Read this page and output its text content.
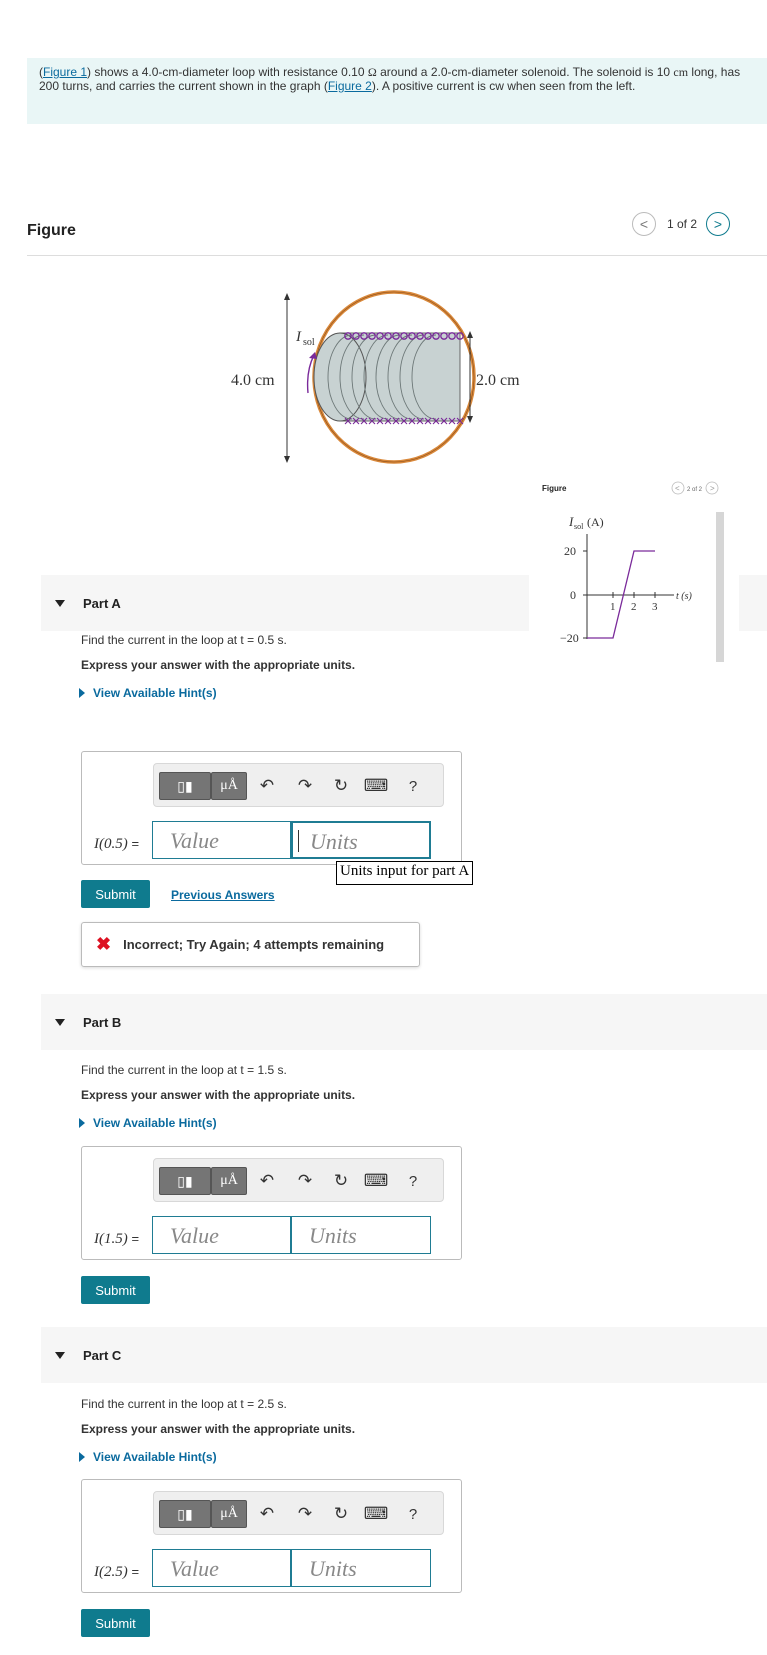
(Figure 1) shows a 4.0-cm-diameter loop with resistance 0.10 Ω around a 2.0-cm-diameter solenoid. The solenoid is 10 cm long, has 200 turns, and carries the current shown in the graph (Figure 2). A positive current is cw when seen from the left.
Figure	< 1 of 2 >
4.0 cm
I sol
2.0 cm
Part A
Figure	< 2 of 2 >
I sol (A)
20
0
−20
1 2 3
t (s)
Find the current in the loop at t = 0.5 s.
Express your answer with the appropriate units.
View Available Hint(s)
▯▮	μÅ	↶	↷	↻ ⌨	?
I(0.5) =	Value	Units
Units input for part A
Submit	Previous Answers
✖ Incorrect; Try Again; 4 attempts remaining
Part B
Find the current in the loop at t = 1.5 s.
Express your answer with the appropriate units.
View Available Hint(s)
▯▮	μÅ	↶	↷	↻ ⌨	?
I(1.5) =	Value	Units
Submit
Part C
Find the current in the loop at t = 2.5 s.
Express your answer with the appropriate units.
View Available Hint(s)
▯▮	μÅ	↶	↷	↻ ⌨	?
I(2.5) =	Value	Units
Submit
